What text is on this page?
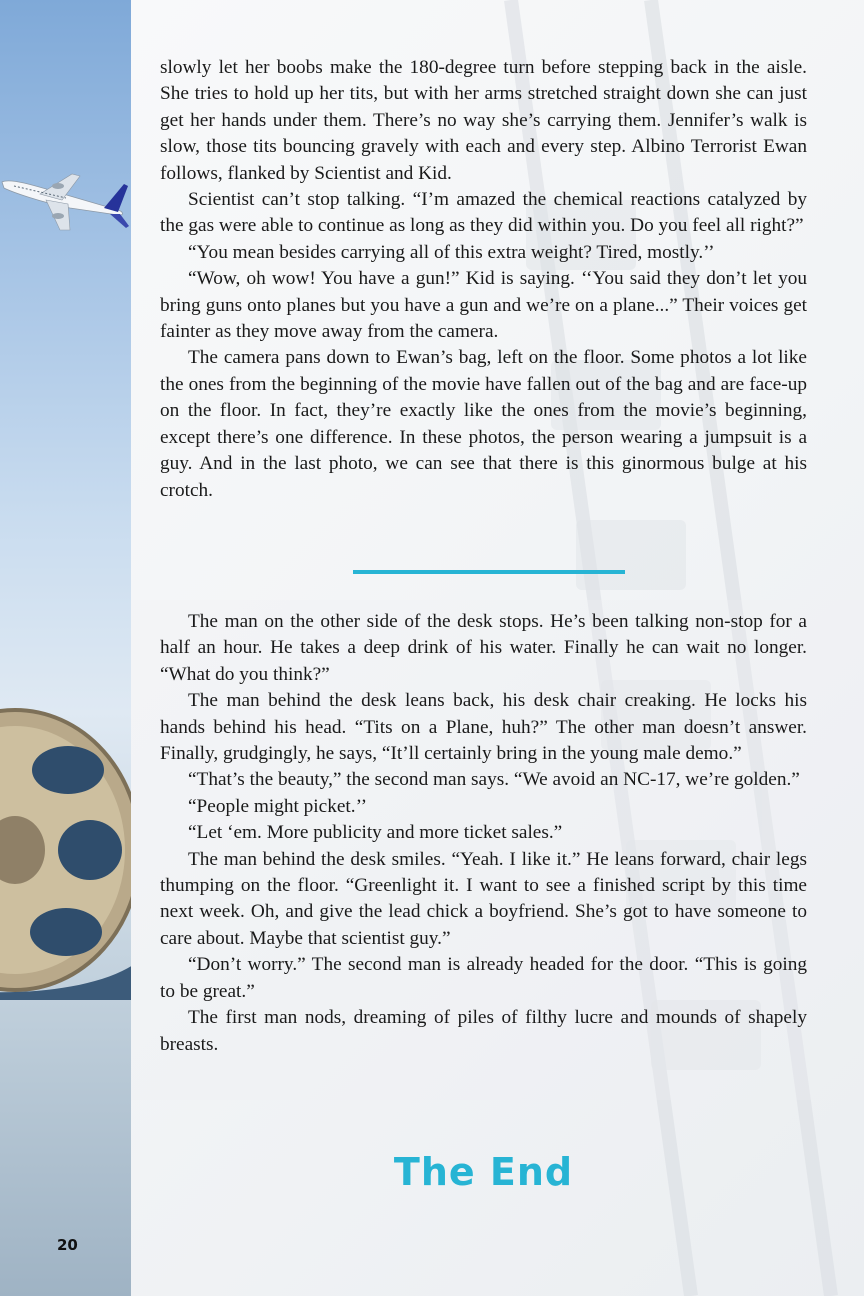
20

slowly let her boobs make the 180-degree turn before stepping back in the aisle. She tries to hold up her tits, but with her arms stretched straight down she can just get her hands under them. There’s no way she’s carrying them. Jennifer’s walk is slow, those tits bouncing gravely with each and every step. Albino Terrorist Ewan follows, flanked by Scientist and Kid.

Scientist can’t stop talking. “I’m amazed the chemical reactions catalyzed by the gas were able to continue as long as they did within you. Do you feel all right?”

“You mean besides carrying all of this extra weight? Tired, mostly.’’

“Wow, oh wow! You have a gun!” Kid is saying. ‘‘You said they don’t let you bring guns onto planes but you have a gun and we’re on a plane...” Their voices get fainter as they move away from the camera.

The camera pans down to Ewan’s bag, left on the floor. Some photos a lot like the ones from the beginning of the movie have fallen out of the bag and are face-up on the floor. In fact, they’re exactly like the ones from the movie’s beginning, except there’s one difference. In these photos, the person wearing a jumpsuit is a guy. And in the last photo, we can see that there is this ginormous bulge at his crotch.

The man on the other side of the desk stops. He’s been talking non-stop for a half an hour. He takes a deep drink of his water. Finally he can wait no longer. “What do you think?”

The man behind the desk leans back, his desk chair creaking. He locks his hands behind his head. “Tits on a Plane, huh?” The other man doesn’t answer. Finally, grudgingly, he says, “It’ll certainly bring in the young male demo.”

“That’s the beauty,” the second man says. “We avoid an NC-17, we’re golden.”

“People might picket.’’

“Let ‘em. More publicity and more ticket sales.”

The man behind the desk smiles. “Yeah. I like it.” He leans forward, chair legs thumping on the floor. “Greenlight it. I want to see a finished script by this time next week. Oh, and give the lead chick a boyfriend. She’s got to have someone to care about. Maybe that scientist guy.”

“Don’t worry.” The second man is already headed for the door. “This is going to be great.”

The first man nods, dreaming of piles of filthy lucre and mounds of shapely breasts.

The End
